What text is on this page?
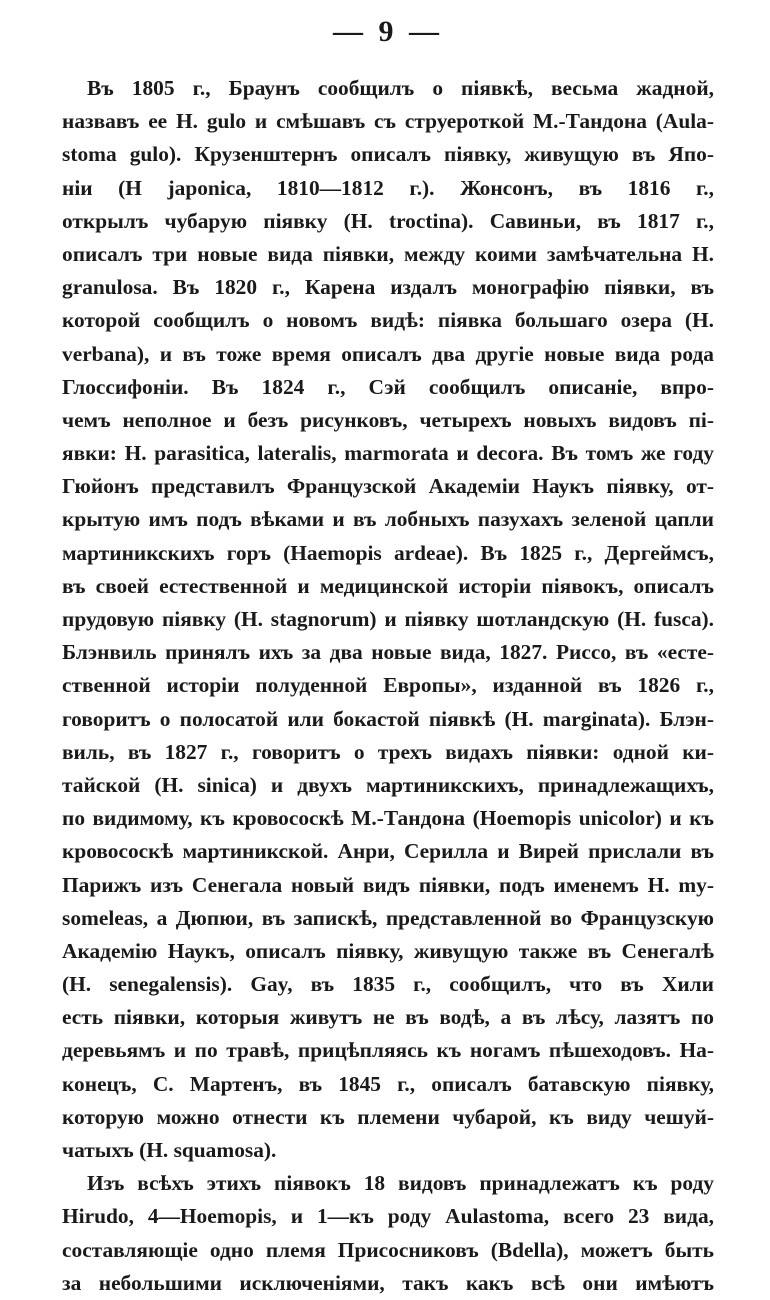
— 9 —
Въ 1805 г., Браунъ сообщилъ о піявкѣ, весьма жадной,
назвавъ ее Н. gulo и смѣшавъ съ струероткой М.-Тандона (Aula-
stoma gulo). Крузенштернъ описалъ піявку, живущую въ Япо-
ніи (Н japonica, 1810—1812 г.). Жонсонъ, въ 1816 г.,
открылъ чубарую піявку (Н. troctina). Савиньи, въ 1817 г.,
описалъ три новые вида піявки, между коими замѣчательна Н.
granulosa. Въ 1820 г., Карена издалъ монографію піявки, въ
которой сообщилъ о новомъ видѣ: піявка большаго озера (Н.
verbana), и въ тоже время описалъ два другіе новые вида рода
Глоссифоніи. Въ 1824 г., Сэй сообщилъ описаніе, впро-
чемъ неполное и безъ рисунковъ, четырехъ новыхъ видовъ пі-
явки: Н. parasitica, lateralis, marmorata и decora. Въ томъ же году
Гюйонъ представилъ Французской Академіи Наукъ піявку, от-
крытую имъ подъ вѣками и въ лобныхъ пазухахъ зеленой цапли
мартиникскихъ горъ (Haemopis ardeae). Въ 1825 г., Дергеймсъ,
въ своей естественной и медицинской исторіи піявокъ, описалъ
прудовую піявку (Н. stagnorum) и піявку шотландскую (Н. fusca).
Блэнвиль принялъ ихъ за два новые вида, 1827. Риссо, въ «есте-
ственной исторіи полуденной Европы», изданной въ 1826 г.,
говоритъ о полосатой или бокастой піявкѣ (Н. marginata). Блэн-
виль, въ 1827 г., говоритъ о трехъ видахъ піявки: одной ки-
тайской (Н. sinica) и двухъ мартиникскихъ, принадлежащихъ,
по видимому, къ кровососкѣ М.-Тандона (Hoemopis unicolor) и къ
кровососкѣ мартиникской. Анри, Серилла и Вирей прислали въ
Парижъ изъ Сенегала новый видъ піявки, подъ именемъ Н. my-
someleas, а Дюпюи, въ запискѣ, представленной во Французскую
Академію Наукъ, описалъ піявку, живущую также въ Сенегалѣ
(Н. senegalensis). Gay, въ 1835 г., сообщилъ, что въ Хили
есть піявки, которыя живутъ не въ водѣ, а въ лѣсу, лазятъ по
деревьямъ и по травѣ, прицѣпляясь къ ногамъ пѣшеходовъ. На-
конецъ, С. Мартенъ, въ 1845 г., описалъ батавскую піявку,
которую можно отнести къ племени чубарой, къ виду чешуй-
чатыхъ (Н. squamosa).
Изъ всѣхъ этихъ піявокъ 18 видовъ принадлежатъ къ роду
Hirudo, 4—Hoemopis, и 1—къ роду Aulastoma, всего 23 вида,
составляющіе одно племя Присосниковъ (Bdella), можетъ быть
за небольшими исключеніями, такъ какъ всѣ они имѣютъ
